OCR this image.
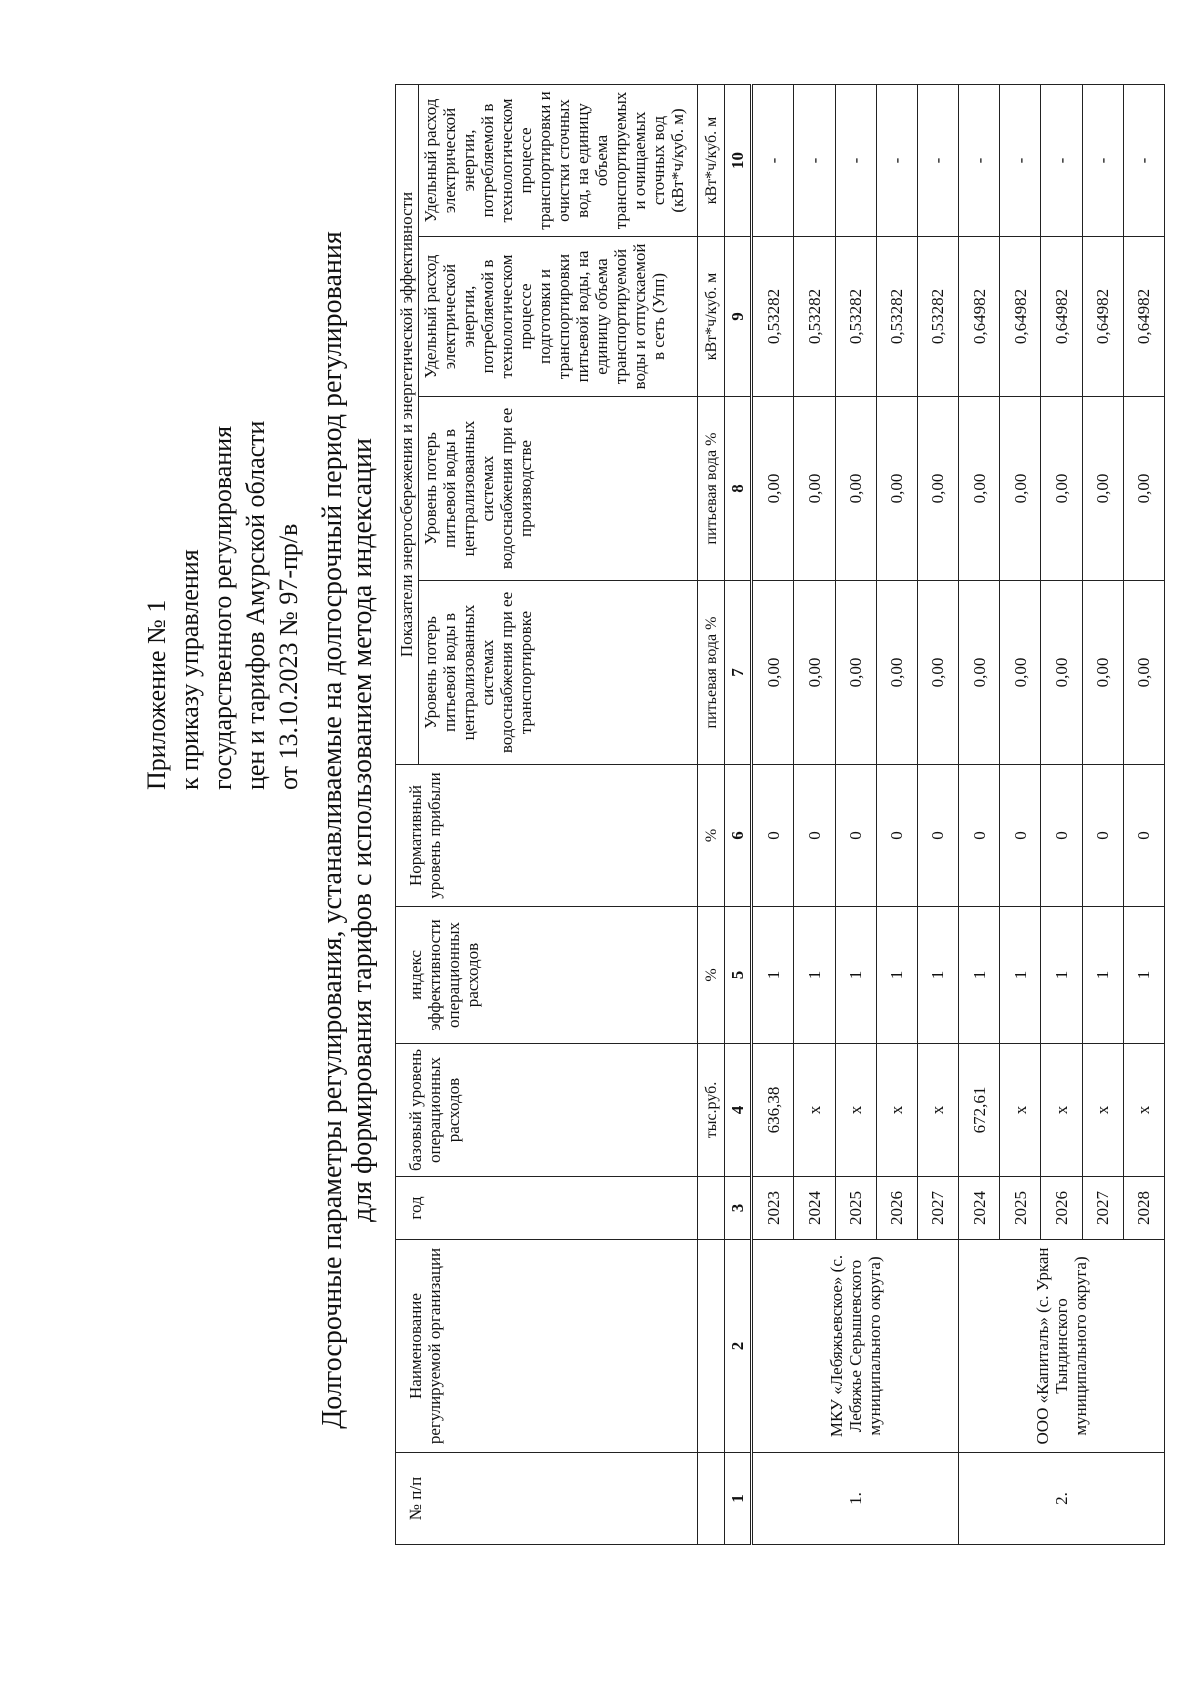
Приложение № 1 к приказу управления государственного регулирования цен и тарифов Амурской области от 13.10.2023 № 97-пр/в Долгосрочные параметры регулирования, устанавливаемые на долгосрочный период регулирования для формирования тарифов с использованием метода индексации
№ п/п	Наименование регулируемой организации	год	базовый уровень операционных расходов	индекс эффективности операционных расходов	Нормативный уровень прибыли	Показатели энергосбережения и энергетической эффективности			
						Уровень потерь питьевой воды в централизованных системах водоснабжения при ее транспортировке	Уровень потерь питьевой воды в централизованных системах водоснабжения при ее производстве	Удельный расход электрической энергии, потребляемой в технологическом процессе подготовки и транспортировки питьевой воды, на единицу объема транспортируемой воды и отпускаемой в сеть (Упп)	Удельный расход электрической энергии, потребляемой в технологическом процессе транспортировки и очистки сточных вод, на единицу объема транспортируемых и очищаемых сточных вод (кВт*ч/куб. м)
			тыс.руб.	%	%	питьевая вода %	питьевая вода %	кВт*ч/куб. м	кВт*ч/куб. м
1	2	3	4	5	6	7	8	9	10
1.	МКУ «Лебяжьевское» (с. Лебяжье Серышевского муниципального округа)	2023	636,38	1	0	0,00	0,00	0,53282	-
		2024	х	1	0	0,00	0,00	0,53282	-
		2025	х	1	0	0,00	0,00	0,53282	-
		2026	х	1	0	0,00	0,00	0,53282	-
		2027	х	1	0	0,00	0,00	0,53282	-
2.	ООО «Капиталъ» (с. Уркан Тындинского муниципального округа)	2024	672,61	1	0	0,00	0,00	0,64982	-
		2025	х	1	0	0,00	0,00	0,64982	-
		2026	х	1	0	0,00	0,00	0,64982	-
		2027	х	1	0	0,00	0,00	0,64982	-
		2028	х	1	0	0,00	0,00	0,64982	-
